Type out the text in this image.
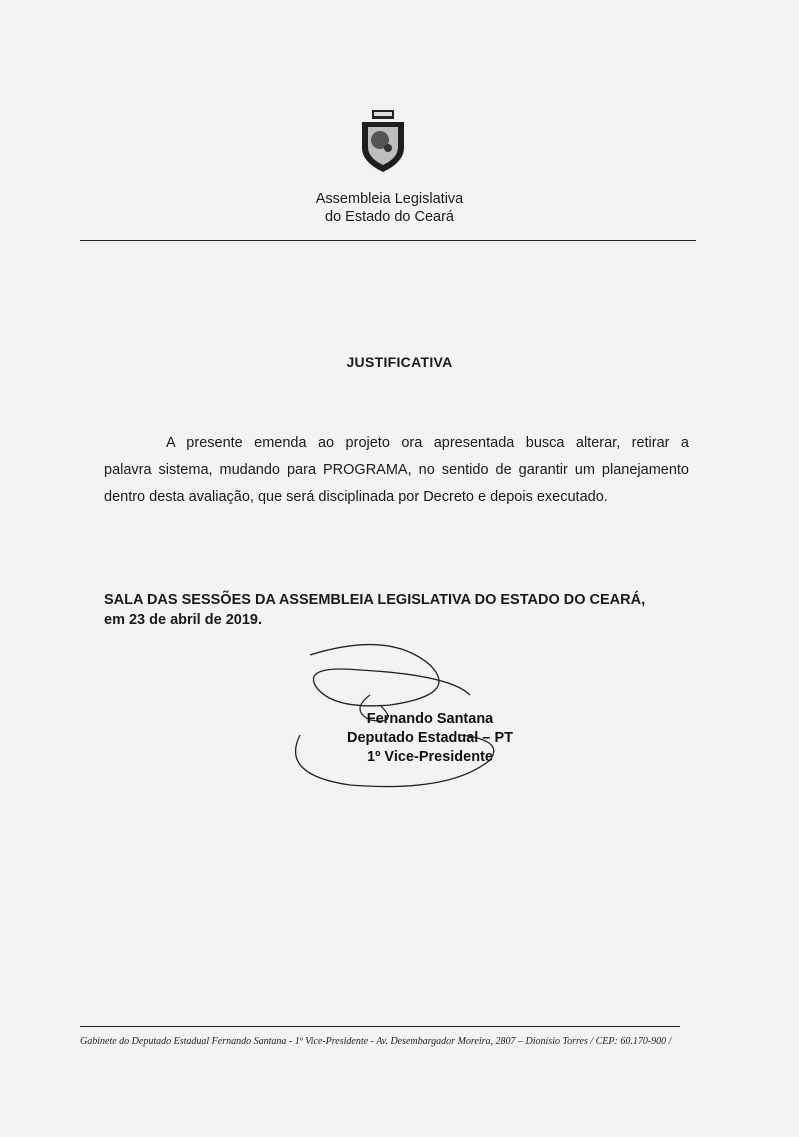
Assembleia Legislativa
do Estado do Ceará
JUSTIFICATIVA
A presente emenda ao projeto ora apresentada busca alterar, retirar a
palavra sistema, mudando para PROGRAMA, no sentido de garantir um planejamento
dentro desta avaliação, que será disciplinada por Decreto e depois executado.
SALA DAS SESSÕES DA ASSEMBLEIA LEGISLATIVA DO ESTADO DO CEARÁ,
em 23 de abril de 2019.
Fernando Santana
Deputado Estadual – PT
1º Vice-Presidente
Gabinete do Deputado Estadual Fernando Santana - 1º Vice-Presidente - Av. Desembargador Moreira, 2807 – Dionísio Torres / CEP: 60.170-900 /
